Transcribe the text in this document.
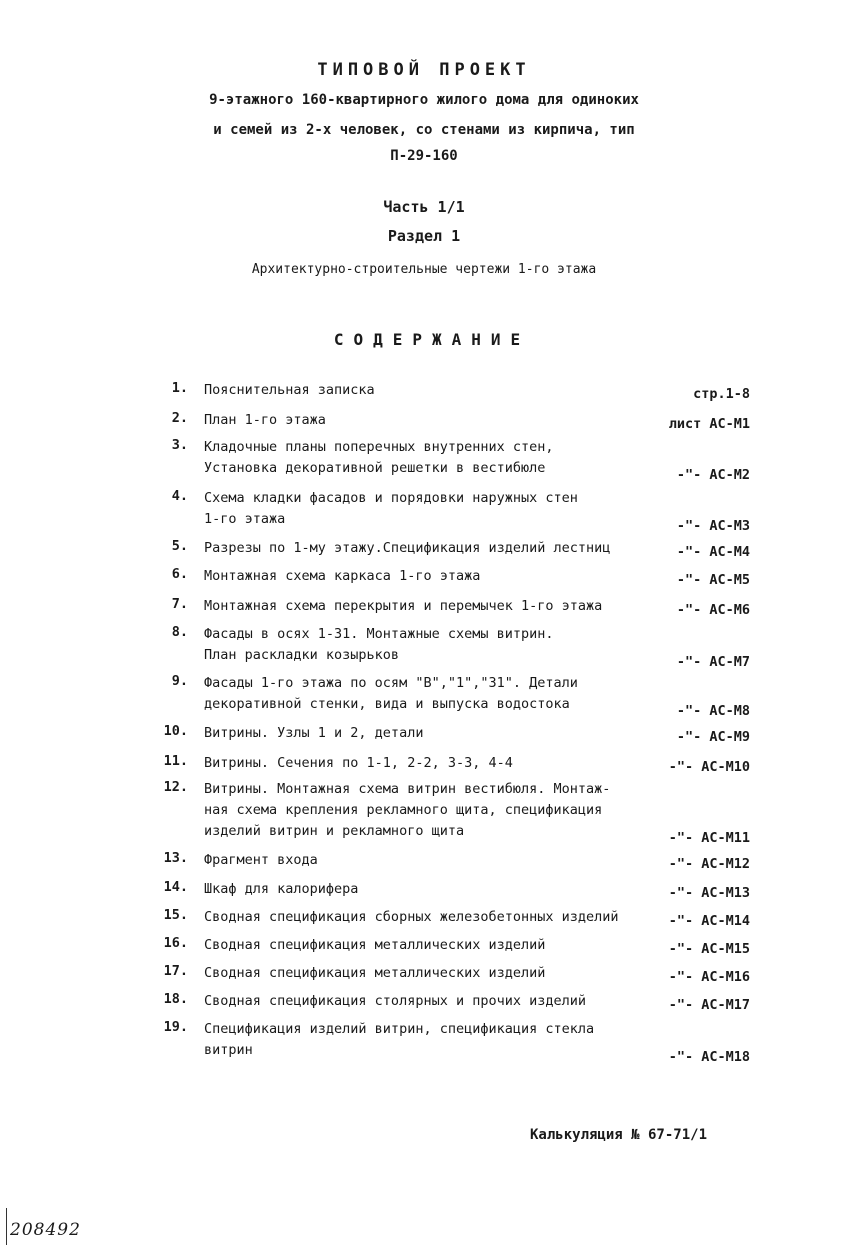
ТИПОВОЙ ПРОЕКТ
9-этажного 160-квартирного жилого дома для одиноких
и семей из 2-х человек, со стенами из кирпича, тип
П-29-160
Часть 1/1
Раздел 1
Архитектурно-строительные чертежи 1-го этажа
СОДЕРЖАНИЕ
1. Пояснительная записка	стр.1-8
2. План 1-го этажа	лист АС-М1
3. Кладочные планы поперечных внутренних стен,
Установка декоративной решетки в вестибюле	-"- АС-М2
4. Схема кладки фасадов и порядовки наружных стен
1-го этажа	-"- АС-М3
5. Разрезы по 1-му этажу.Спецификация изделий лестниц	-"- АС-М4
6. Монтажная схема каркаса 1-го этажа	-"- АС-М5
7. Монтажная схема перекрытия и перемычек 1-го этажа	-"- АС-М6
8. Фасады в осях 1-31. Монтажные схемы витрин.
План раскладки козырьков	-"- АС-М7
9. Фасады 1-го этажа по осям "В","1","31". Детали
декоративной стенки, вида и выпуска водостока	-"- АС-М8
10. Витрины. Узлы 1 и 2, детали	-"- АС-М9
11. Витрины. Сечения по 1-1, 2-2, 3-3, 4-4	-"- АС-М10
12. Витрины. Монтажная схема витрин вестибюля. Монтаж-
ная схема крепления рекламного щита, спецификация
изделий витрин и рекламного щита	-"- АС-М11
13. Фрагмент входа	-"- АС-М12
14. Шкаф для калорифера	-"- АС-М13
15. Сводная спецификация сборных железобетонных изделий	-"- АС-М14
16. Сводная спецификация металлических изделий	-"- АС-М15
17. Сводная спецификация металлических изделий	-"- АС-М16
18. Сводная спецификация столярных и прочих изделий	-"- АС-М17
19. Спецификация изделий витрин, спецификация стекла
витрин	-"- АС-М18
Калькуляция № 67-71/1
208492
